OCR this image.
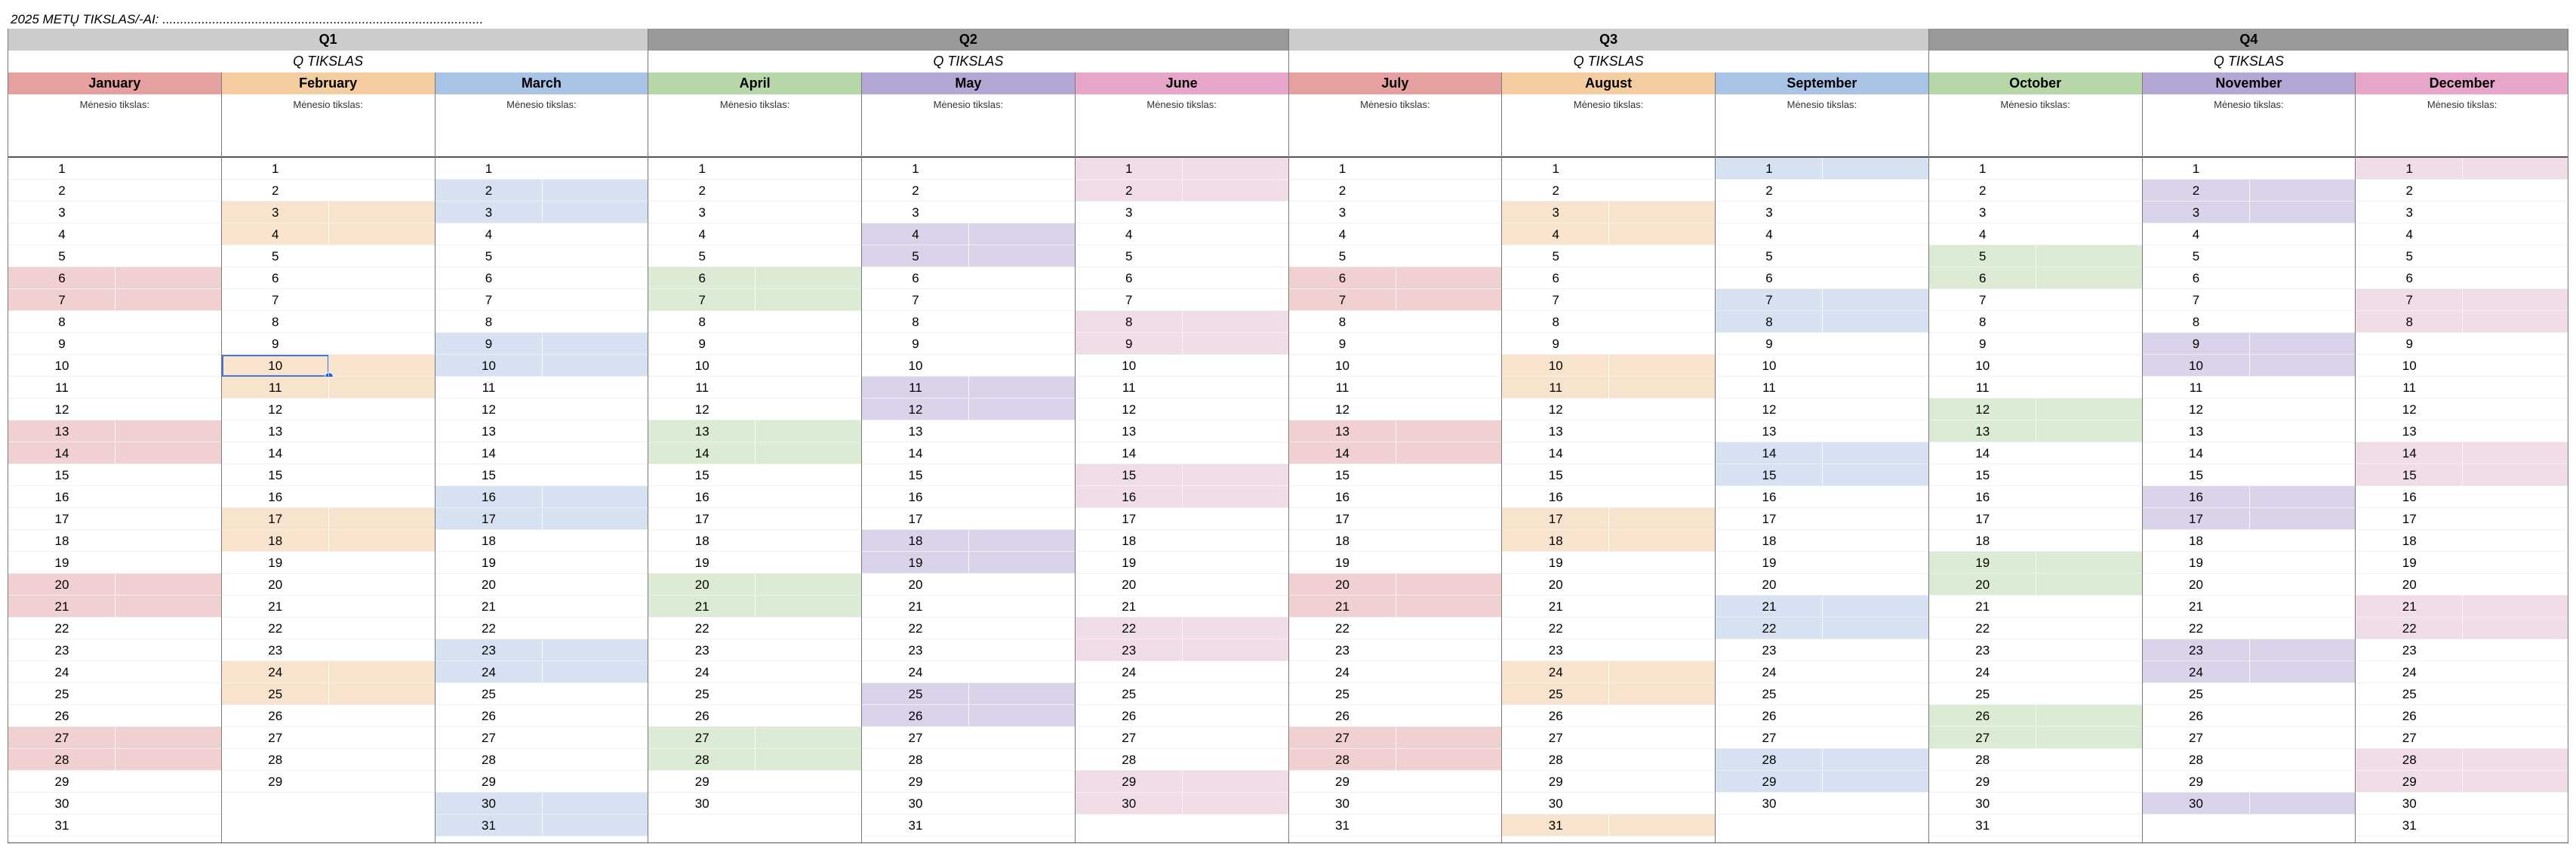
2025 METŲ TIKSLAS/-AI: ..........................................................................................
Q1
Q TIKSLAS
Q2
Q TIKSLAS
Q3
Q TIKSLAS
Q4
Q TIKSLAS
January
Mėnesio tikslas:
1
2
3
4
5
6
7
8
9
10
11
12
13
14
15
16
17
18
19
20
21
22
23
24
25
26
27
28
29
30
31
February
Mėnesio tikslas:
1
2
3
4
5
6
7
8
9
10
11
12
13
14
15
16
17
18
19
20
21
22
23
24
25
26
27
28
29
March
Mėnesio tikslas:
1
2
3
4
5
6
7
8
9
10
11
12
13
14
15
16
17
18
19
20
21
22
23
24
25
26
27
28
29
30
31
April
Mėnesio tikslas:
1
2
3
4
5
6
7
8
9
10
11
12
13
14
15
16
17
18
19
20
21
22
23
24
25
26
27
28
29
30
May
Mėnesio tikslas:
1
2
3
4
5
6
7
8
9
10
11
12
13
14
15
16
17
18
19
20
21
22
23
24
25
26
27
28
29
30
31
June
Mėnesio tikslas:
1
2
3
4
5
6
7
8
9
10
11
12
13
14
15
16
17
18
19
20
21
22
23
24
25
26
27
28
29
30
July
Mėnesio tikslas:
1
2
3
4
5
6
7
8
9
10
11
12
13
14
15
16
17
18
19
20
21
22
23
24
25
26
27
28
29
30
31
August
Mėnesio tikslas:
1
2
3
4
5
6
7
8
9
10
11
12
13
14
15
16
17
18
19
20
21
22
23
24
25
26
27
28
29
30
31
September
Mėnesio tikslas:
1
2
3
4
5
6
7
8
9
10
11
12
13
14
15
16
17
18
19
20
21
22
23
24
25
26
27
28
29
30
October
Mėnesio tikslas:
1
2
3
4
5
6
7
8
9
10
11
12
13
14
15
16
17
18
19
20
21
22
23
24
25
26
27
28
29
30
31
November
Mėnesio tikslas:
1
2
3
4
5
6
7
8
9
10
11
12
13
14
15
16
17
18
19
20
21
22
23
24
25
26
27
28
29
30
December
Mėnesio tikslas:
1
2
3
4
5
6
7
8
9
10
11
12
13
14
15
16
17
18
19
20
21
22
23
24
25
26
27
28
29
30
31
